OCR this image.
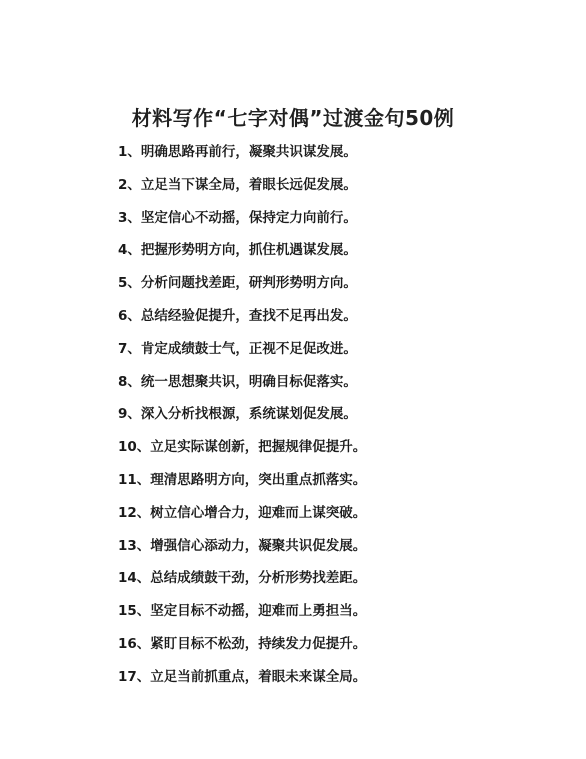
材料写作“七字对偶”过渡金句50例
1、明确思路再前行，凝聚共识谋发展。
2、立足当下谋全局，着眼长远促发展。
3、坚定信心不动摇，保持定力向前行。
4、把握形势明方向，抓住机遇谋发展。
5、分析问题找差距，研判形势明方向。
6、总结经验促提升，查找不足再出发。
7、肯定成绩鼓士气，正视不足促改进。
8、统一思想聚共识，明确目标促落实。
9、深入分析找根源，系统谋划促发展。
10、立足实际谋创新，把握规律促提升。
11、理清思路明方向，突出重点抓落实。
12、树立信心增合力，迎难而上谋突破。
13、增强信心添动力，凝聚共识促发展。
14、总结成绩鼓干劲，分析形势找差距。
15、坚定目标不动摇，迎难而上勇担当。
16、紧盯目标不松劲，持续发力促提升。
17、立足当前抓重点，着眼未来谋全局。
